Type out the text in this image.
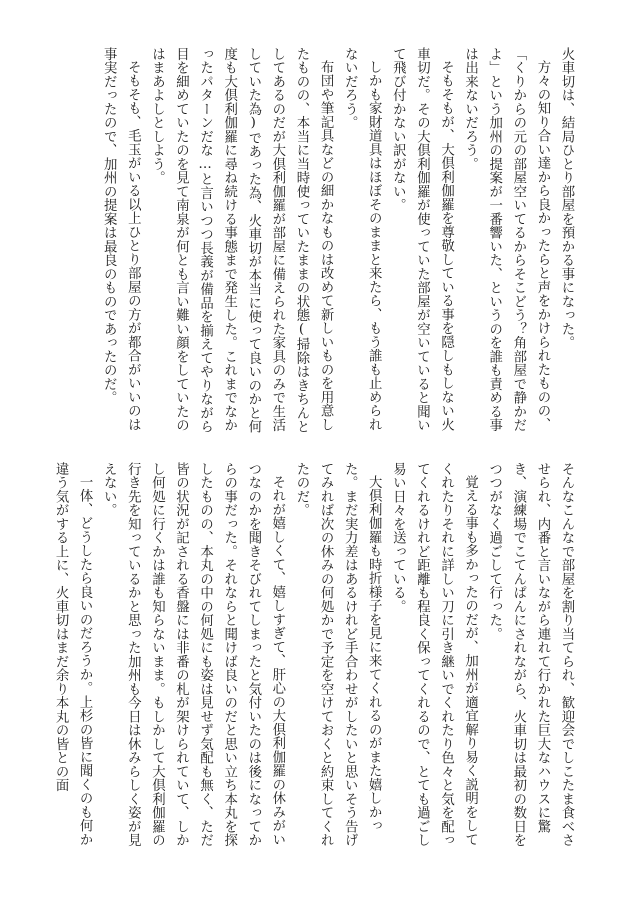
火車切は、結局ひとり部屋を預かる事になった。

方々の知り合い達から良かったらと声をかけられたものの、「くりからの元の部屋空いてるからそこどう？角部屋で静かだよ」という加州の提案が一番響いた、というのを誰も責める事は出来ないだろう。

そもそもが、大倶利伽羅を尊敬している事を隠しもしない火車切だ。その大倶利伽羅が使っていた部屋が空いていると聞いて飛び付かない訳がない。

しかも家財道具はほぼそのままと来たら、もう誰も止められないだろう。

布団や筆記具などの細かなものは改めて新しいものを用意したものの、本当に当時使っていたままの状態(掃除はきちんとしてあるのだが大倶利伽羅が部屋に備えられた家具のみで生活していた為)であった為、火車切が本当に使って良いのかと何度も大倶利伽羅に尋ね続ける事態まで発生した。これまでなかったパターンだな…と言いつつ長義が備品を揃えてやりながら目を細めていたのを見て南泉が何とも言い難い顔をしていたのはまあよしとしよう。

そもそも、毛玉がいる以上ひとり部屋の方が都合がいいのは事実だったので、加州の提案は最良のものであったのだ。

そんなこんなで部屋を割り当てられ、歓迎会でしこたま食べさせられ、内番と言いながら連れて行かれた巨大なハウスに驚き、演練場でこてんぱんにされながら、火車切は最初の数日をつつがなく過ごして行った。

覚える事も多かったのだが、加州が適宜解り易く説明をしてくれたりそれに詳しい刀に引き継いでくれたり色々と気を配ってくれるけれど距離も程良く保ってくれるので、とても過ごし易い日々を送っている。

大倶利伽羅も時折様子を見に来てくれるのがまた嬉しかった。まだ実力差はあるけれど手合わせがしたいと思いそう告げてみれば次の休みの何処かで予定を空けておくと約束してくれたのだ。

それが嬉しくて、嬉しすぎて、肝心の大倶利伽羅の休みがいつなのかを聞きそびれてしまったと気付いたのは後になってからの事だった。それならと聞けば良いのだと思い立ち本丸を探したものの、本丸の中の何処にも姿は見せず気配も無く、ただ皆の状況が記される香盤には非番の札が架けられていて、しかし何処に行くかは誰も知らないまま。もしかして大倶利伽羅の行き先を知っているかと思った加州も今日は休みらしく姿が見えない。

一体、どうしたら良いのだろうか。上杉の皆に聞くのも何か違う気がする上に、火車切はまだ余り本丸の皆との面
